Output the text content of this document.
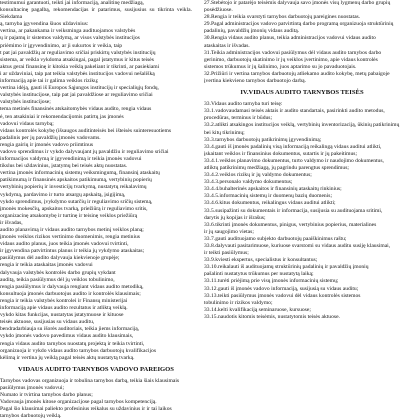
testimumui garantuoti, teikti jai informaciją, analitinę medžiagą,

konsultacinę pagalbą, rekomendacijas ir patarimus, susijusius su tikrinta veikla. Siekdama

ą, tarnyba įgyvendina šiuos uždavinius:

vertina, ar pakankama ir veiksminga audituojamos valstybės

ų ir pajamų ir sistemos valdymą, ar visos valstybės institucijos

priėmimo ir įgyvendinimo, ar ji sukurtos ir veikia, taip

t pat jai pavaldžių ar reguliavimo sričiai priskirtų valstybės institucijų

sistema, ar veikla vykdoma atsakingai, pagal įstatymus ir kitus teisės

aktus gerai finansinę ir kitokia veiklą pakeliant ir tikrinti, ar pasiekiami

i ar uždaviniai, taip pat teikia valstybės institucijos vadovui nešališką

informaciją apie tai ir galima veiklos rizikų;

vertina idėją, gauti iš Europos Sąjungos institucijų ir specialiųjų fondų,

valstybės institucijose, taip pat jai pavaldžiose ar reguliavimo sričiai

valstybės institucijose;

tema metinės finansinės atskaitomybės vidaus audito, rengia vidaus

ė, ten atsakiniai ir rekomendacijomis patirtų jas įmonės

vadovui vidaus tarnybą;

vidaus kontrolės kokybę (išsaugos auditinteisės bei išteisės suinteresuotiems

padalinis per jų pavaldžių įmonės vadovams.

rengia gairių ir įmonės vadovo priimtinus

vadovo sprendimus ir vykdo dalyvaujant jų pavaldžiu ir reguliavimo sričiai

informacijos valdymą ir įgyvendinimą ir teikia įmonės vadovui

tikslus bei uždavinius, įstatymų bei teisės aktų nuostatas.

vertina įmonės informacinių sistemų veiksmingumą, finansinį ataskaitų

patikimumą ir finansinės apskaitos patikimumą, vertybinių popierių

vertybinių popierių ir investicijų tvarkymą, nustatytų reikalavimų

vykdymą, pardavimo ir turto atsargų apskaitą, įsigijimą,

vykdo sprendimus, įvykdymo sutarčių ir reguliavimo sričių sistemą,

įmonės mokesčių, apskaitos tvarką, priežiūrą ir reguliavimo sritis,

organizacinę atsakomybę ir turtinę ir teisinę veiklos priežiūrą

ir išvadas,

audito planavimą ir vidaus audito tarnybos metinį veiklos planą;

įmonės veiklos rizikos vertinimo duomenimis, rengia metinius

vidaus audito planus, juos teikia įmonės vadovui tvirtinti,

ir įgyvendina patvirtintus planus ir teikia jų vykdymo ataskaitas;

pasiūlymus dėl audito dalyvauja kiekvienoje grupėje;

rengia ir teikia ataskaitas įmonės vadovui

dalyvauja valstybės kontrolės darbo grupių vykdant

auditą, teikia pasiūlymus dėl jų veiklos tobulinimo,

rengia pasiūlymus ir dalyvauja rengiant vidaus audito metodiką,

konsultuoja įmonės darbuotojus audito ir kontrolės klausimais;

rengia ir teikia valstybės kontrolei ir Finansų ministerijai

informaciją apie vidaus audito rezultatus ir atliktą veiklą.

vykdo kitas funkcijas, nustatytas įstatymuose ir kituose

teisės aktuose, susijusias su vidaus auditu,

bendradarbiauja su išorės auditoriais, teikia jiems informaciją,

vykdo įmonės vadovo pavedimus vidaus audito klausimais,

rengia vidaus audito tarnybos nuostatų projektą ir teikia tvirtinti,

organizuoja ir vykdo vidaus audito tarnybos darbuotojų kvalifikacijos

kėlimą ir vertina jų veiklą pagal teisės aktų nustatytą tvarką.

VIDAUS AUDITO TARNYBOS VADOVO PAREIGOS

Tarnybos vadovas organizuoja ir tobulina tarnybos darbą, teikia šiais klausimais

pasiūlymus įmonės vadovui;

Numato ir tvirtina tarnybos darbo planus;

Vadovauja įmonės kitose organizacijose pagal tarnybos kompetenciją.

Pagal šio klausimai paliekto profesinius reikalus su uždavinius ir ir tai laikos

tarnybos darbuotojų veiklą.

27.Stebėtojo ir patarėjo teisėmis dalyvauja savo įmonės visų lygmenų darbo grupių

posėdžiuose.

28.Rengia ir teikia svarstyti tarnybos darbuotojų pareigines nuostatas.

29.Pagal administracijos vadovo patvirtintą darbo programą organizuoja struktūrinių

padalinių, pavaldžių įmonių vidaus auditą.

30.Rengia vidaus audito planus, teikia administracijos vadovui vidaus audito

ataskaitas ir išvadas.

31.Teikia administracijos vadovui pasiūlymus dėl vidaus audito tarnybos darbo

gerinimo, darbuotojų skatinimo ir jų veiklos įvertinimo, apie vidaus kontrolės

sistemos trūkumus ir jų šalinimo, juos aptarimo su jo pavaduotojais.

32.Prižiūri ir vertina tarnybos darbuotojų atliekamo audito kokybę, metų pabaigoje

įvertina kiekvieno tarnybos darbuotojo darbą.

IV.VIDAUS AUDITO TARNYBOS TEISĖS

33.Vidaus audito tarnyba turi teisę:

33.1.vadovaudamasi teisės aktais ir audito standartais, pasirinkti audito metodus,

procedūras, terminus ir būdus;

33.2.atlikti atsakingos institucijos veiklą, vertybinių inventorizaciją, ūkinių patikrinimų

bei kitų tikrinimų;

33.3.tarnybos darbuotojų patikrinimų įgyvendinimą;

33.4.gauti iš įmonės padalinių visą informaciją reikalingą vidaus auditui atlikti,

įskaitant veiklos ir finansinius dokumentus, sutartis ir jų pakeitimus;

33.4.1.veiklos planavimo dokumentus, turto valdymo ir naudojimo dokumentus,

atliktų patikrinimų medžiagą, jų pagrindu parengtus sprendimus;

33.4.2.veiklos rizikų ir jų valdymo dokumentus;

33.4.3.personalo valdymo dokumentus;

33.4.4.buhalterinės apskaitos ir finansinių ataskaitų rinkinius;

33.4.5.informacinių sistemų ir duomenų bazių duomenis;

33.4.6.kitus dokumentus, reikalingus vidaus auditui atlikti;

33.5.susipažinti su dokumentais ir informacija, susijusia su audituojama sritimi,

darytis jų kopijas ir išrašus;

33.6.tikrinti įmonės dokumentus, pinigus, vertybinius popierius, materialines

ir jų saugojimo vietas;

33.7.gauti audituojamo subjekto darbuotojų paaiškinimus raštu;

33.8.dalyvauti pasitarimuose, kuriuose svarstomi su vidaus auditu susiję klausimai,

ir teikti pasiūlymus;

33.9.kviesti ekspertus, specialistus ir konsultantus;

33.10.reikalauti iš audituojamų struktūrinių padalinių ir pavaldžių įmonių

pašalinti nustatytus trūkumus per nustatytą laiką;

33.11.turėti priėjimą prie visų įmonės informacinių sistemų;

33.12.gauti iš įmonės vadovo informaciją, susijusią su vidaus auditu;

33.13.teikti pasiūlymus įmonės vadovui dėl vidaus kontrolės sistemos

tobulinimo ir rizikos valdymo;

33.14.kelti kvalifikaciją seminaruose, kursuose;

33.15.naudotis kitomis teisėmis, nustatytomis teisės aktuose.
